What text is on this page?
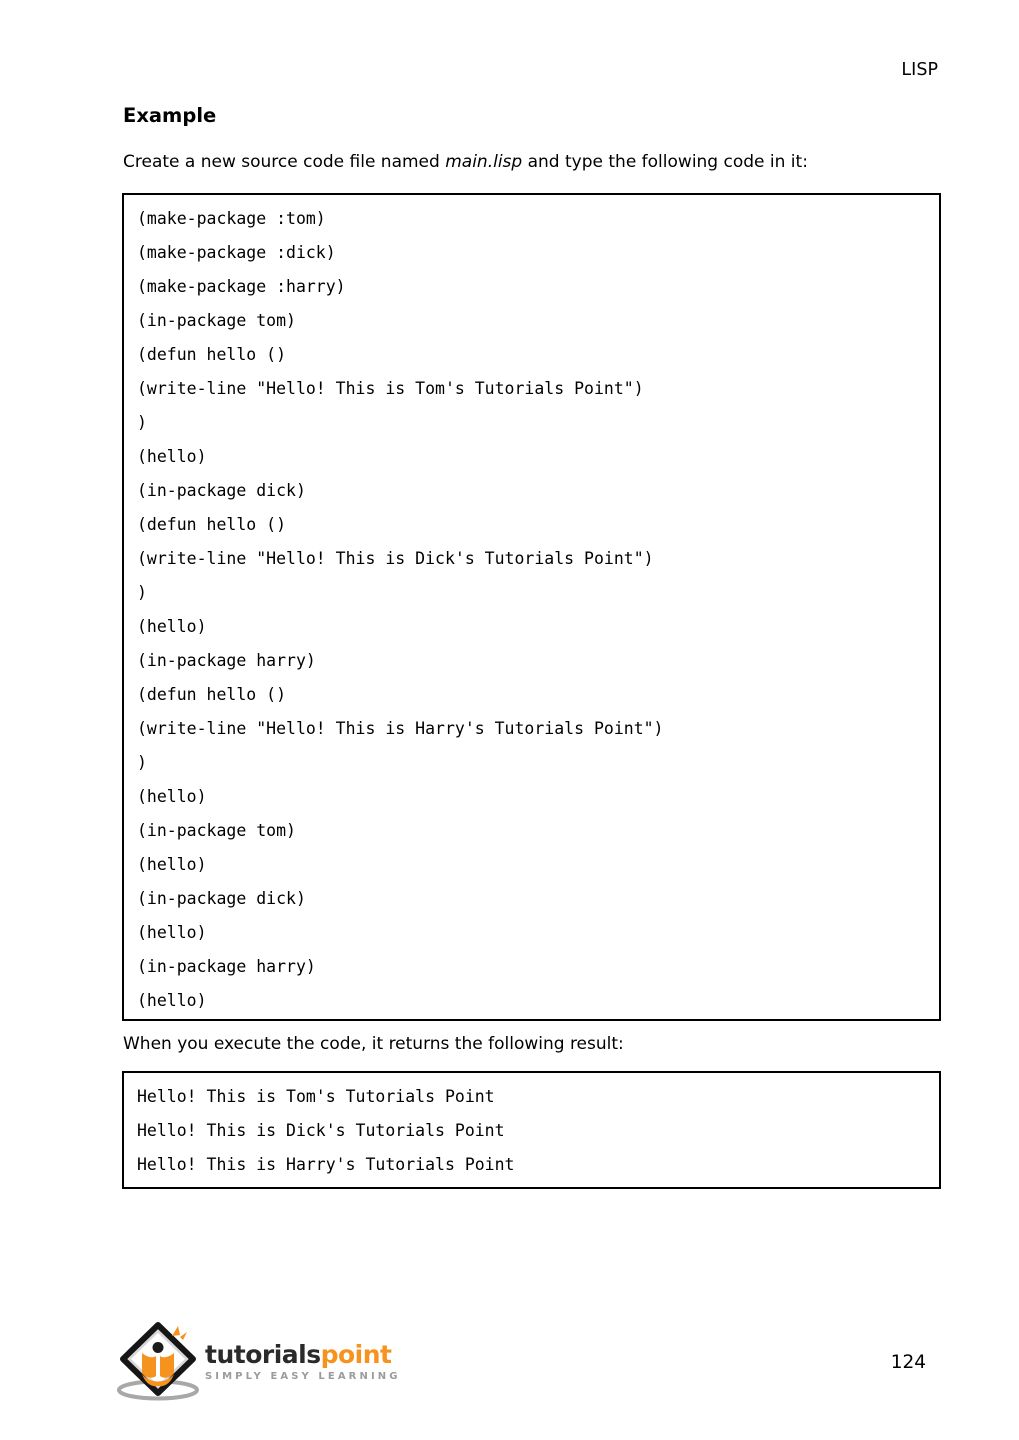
LISP
Example

Create a new source code file named main.lisp and type the following code in it:

(make-package :tom)
(make-package :dick)
(make-package :harry)
(in-package tom)
(defun hello ()
(write-line "Hello! This is Tom's Tutorials Point")
)
(hello)
(in-package dick)
(defun hello ()
(write-line "Hello! This is Dick's Tutorials Point")
)
(hello)
(in-package harry)
(defun hello ()
(write-line "Hello! This is Harry's Tutorials Point")
)
(hello)
(in-package tom)
(hello)
(in-package dick)
(hello)
(in-package harry)
(hello)

When you execute the code, it returns the following result:

Hello! This is Tom's Tutorials Point
Hello! This is Dick's Tutorials Point
Hello! This is Harry's Tutorials Point
tutorialspoint
SIMPLY EASY LEARNING
124
